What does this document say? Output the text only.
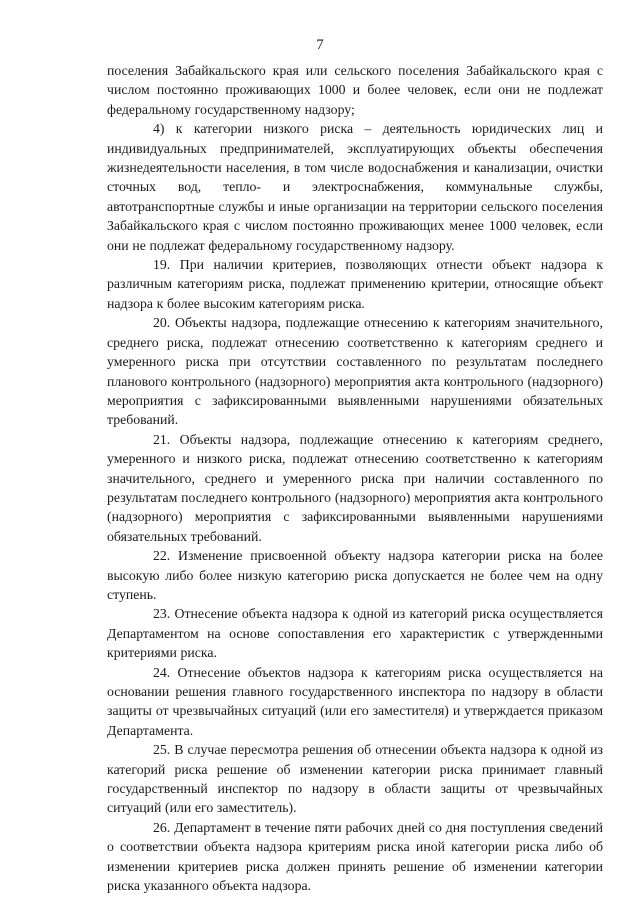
7

поселения Забайкальского края или сельского поселения Забайкальского края с числом постоянно проживающих 1000 и более человек, если они не подлежат федеральному государственному надзору;

4) к категории низкого риска – деятельность юридических лиц и индивидуальных предпринимателей, эксплуатирующих объекты обеспечения жизнедеятельности населения, в том числе водоснабжения и канализации, очистки сточных вод, тепло- и электроснабжения, коммунальные службы, автотранспортные службы и иные организации на территории сельского поселения Забайкальского края с числом постоянно проживающих менее 1000 человек, если они не подлежат федеральному государственному надзору.

19. При наличии критериев, позволяющих отнести объект надзора к различным категориям риска, подлежат применению критерии, относящие объект надзора к более высоким категориям риска.

20. Объекты надзора, подлежащие отнесению к категориям значительного, среднего риска, подлежат отнесению соответственно к категориям среднего и умеренного риска при отсутствии составленного по результатам последнего планового контрольного (надзорного) мероприятия акта контрольного (надзорного) мероприятия с зафиксированными выявленными нарушениями обязательных требований.

21. Объекты надзора, подлежащие отнесению к категориям среднего, умеренного и низкого риска, подлежат отнесению соответственно к категориям значительного, среднего и умеренного риска при наличии составленного по результатам последнего контрольного (надзорного) мероприятия акта контрольного (надзорного) мероприятия с зафиксированными выявленными нарушениями обязательных требований.

22. Изменение присвоенной объекту надзора категории риска на более высокую либо более низкую категорию риска допускается не более чем на одну ступень.

23. Отнесение объекта надзора к одной из категорий риска осуществляется Департаментом на основе сопоставления его характеристик с утвержденными критериями риска.

24. Отнесение объектов надзора к категориям риска осуществляется на основании решения главного государственного инспектора по надзору в области защиты от чрезвычайных ситуаций (или его заместителя) и утверждается приказом Департамента.

25. В случае пересмотра решения об отнесении объекта надзора к одной из категорий риска решение об изменении категории риска принимает главный государственный инспектор по надзору в области защиты от чрезвычайных ситуаций (или его заместитель).

26. Департамент в течение пяти рабочих дней со дня поступления сведений о соответствии объекта надзора критериям риска иной категории риска либо об изменении критериев риска должен принять решение об изменении категории риска указанного объекта надзора.
